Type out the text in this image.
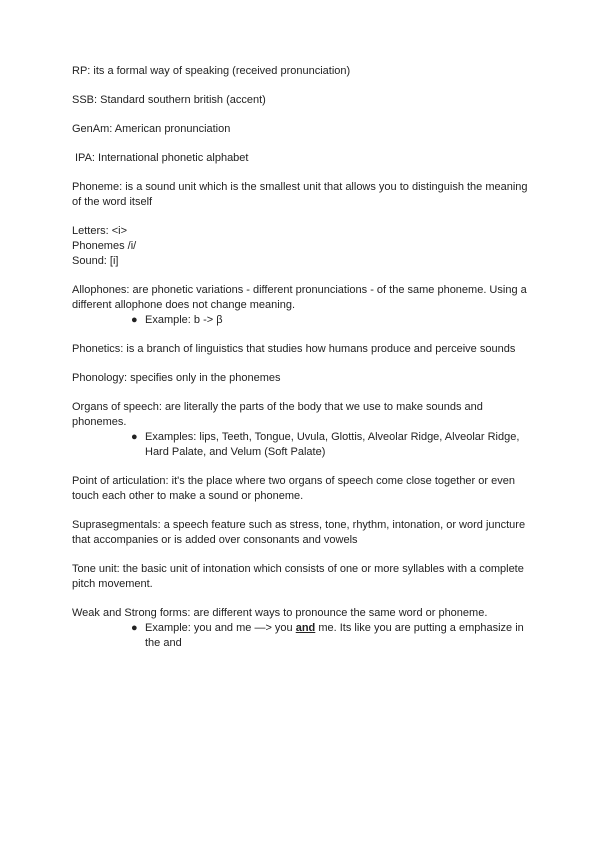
RP: its a formal way of speaking (received pronunciation)

SSB: Standard southern british (accent)

GenAm: American pronunciation

IPA: International phonetic alphabet

Phoneme: is a sound unit which is the smallest unit that allows you to distinguish the meaning of the word itself

Letters: <i>

Phonemes /i/

Sound: [i]

Allophones: are phonetic variations - different pronunciations - of the same phoneme. Using a different allophone does not change meaning.

● Example: b -> β

Phonetics: is a branch of linguistics that studies how humans produce and perceive sounds

Phonology: specifies only in the phonemes

Organs of speech: are literally the parts of the body that we use to make sounds and phonemes.

● Examples: lips, Teeth, Tongue, Uvula, Glottis, Alveolar Ridge, Alveolar Ridge, Hard Palate, and Velum (Soft Palate)

Point of articulation: it's the place where two organs of speech come close together or even touch each other to make a sound or phoneme.

Suprasegmentals: a speech feature such as stress, tone, rhythm, intonation, or word juncture that accompanies or is added over consonants and vowels

Tone unit: the basic unit of intonation which consists of one or more syllables with a complete pitch movement.

Weak and Strong forms: are different ways to pronounce the same word or phoneme.

● Example: you and me —> you and me. Its like you are putting a emphasize in the and
